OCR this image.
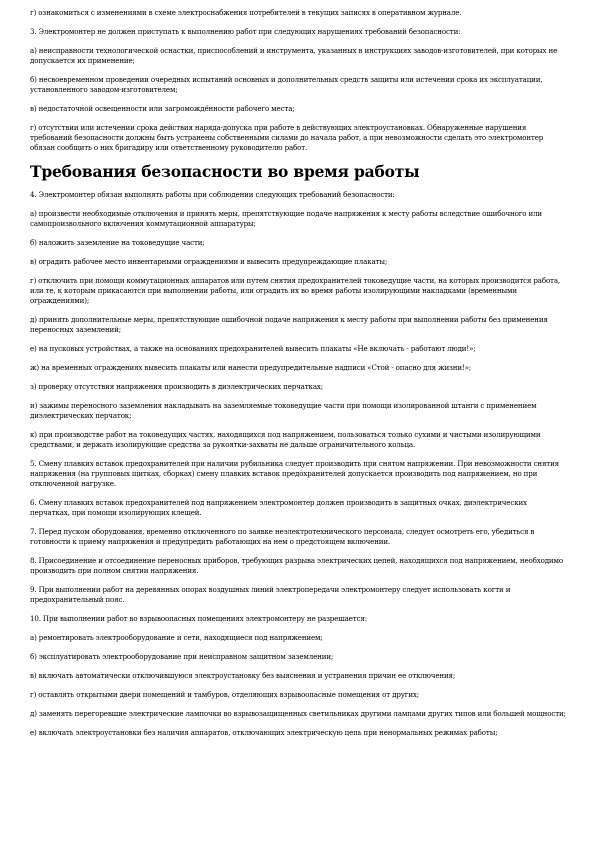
г) ознакомиться с изменениями в схеме электроснабжения потребителей в текущих записях в оперативном журнале.

3. Электромонтер не должен приступать к выполнению работ при следующих нарушениях требований безопасности:

а) неисправности технологической оснастки, приспособлений и инструмента, указанных в инструкциях заводов-изготовителей, при которых не допускается их применение;

б) несвоевременном проведении очередных испытаний основных и дополнительных средств защиты или истечении срока их эксплуатации, установленного заводом-изготовителем;

в) недостаточной освещенности или загромождённости рабочего места;

г) отсутствии или истечении срока действия наряда-допуска при работе в действующих электроустановках. Обнаруженные нарушения требований безопасности должны быть устранены собственными силами до начала работ, а при невозможности сделать это электромонтер обязан сообщить о них бригадиру или ответственному руководителю работ.

Требования безопасности во время работы

4. Электромонтер обязан выполнять работы при соблюдении следующих требований безопасности:

а) произвести необходимые отключения и принять меры, препятствующие подаче напряжения к месту работы вследствие ошибочного или самопроизвольного включения коммутационной аппаратуры;

б) наложить заземление на токоведущие части;

в) оградить рабочее место инвентарными ограждениями и вывесить предупреждающие плакаты;

г) отключить при помощи коммутационных аппаратов или путем снятия предохранителей токоведущие части, на которых производится работа, или те, к которым прикасаются при выполнении работы, или оградить их во время работы изолирующими накладками (временными ограждениями);

д) принять дополнительные меры, препятствующие ошибочной подаче напряжения к месту работы при выполнении работы без применения переносных заземлений;

е) на пусковых устройствах, а также на основаниях предохранителей вывесить плакаты «Не включать - работают люди!»;

ж) на временных ограждениях вывесить плакаты или нанести предупредительные надписи «Стой - опасно для жизни!»;

з) проверку отсутствия напряжения производить в диэлектрических перчатках;

и) зажимы переносного заземления накладывать на заземляемые токоведущие части при помощи изолированной штанги с применением диэлектрических перчаток;

к) при производстве работ на токоведущих частях, находящихся под напряжением, пользоваться только сухими и чистыми изолирующими средствами, и держать изолирующие средства за рукоятки-захваты не дальше ограничительного кольца.

5. Смену плавких вставок предохранителей при наличии рубильника следует производить при снятом напряжении. При невозможности снятия напряжения (на групповых щитках, сборках) смену плавких вставок предохранителей допускается производить под напряжением, но при отключенной нагрузке.

6. Смену плавких вставок предохранителей под напряжением электромонтер должен производить в защитных очках, диэлектрических перчатках, при помощи изолирующих клещей.

7. Перед пуском оборудования, временно отключенного по заявке неэлектротехнического персонала, следует осмотреть его, убедиться в готовности к приему напряжения и предупредить работающих на нем о предстоящем включении.

8. Присоединение и отсоединение переносных приборов, требующих разрыва электрических цепей, находящихся под напряжением, необходимо производить при полном снятии напряжения.

9. При выполнении работ на деревянных опорах воздушных линий электропередачи электромонтеру следует использовать когти и предохранительный пояс.

10. При выполнении работ во взрывоопасных помещениях электромонтеру не разрешается:

а) ремонтировать электрооборудование и сети, находящиеся под напряжением;

б) эксплуатировать электрооборудование при неисправном защитном заземлении;

в) включать автоматически отключившуюся электроустановку без выяснения и устранения причин ее отключения;

г) оставлять открытыми двери помещений и тамбуров, отделяющих взрывоопасные помещения от других;

д) заменять перегоревшие электрические лампочки во взрывозащищенных светильниках другими лампами других типов или большей мощности;

е) включать электроустановки без наличия аппаратов, отключающих электрическую цепь при ненормальных режимах работы;
